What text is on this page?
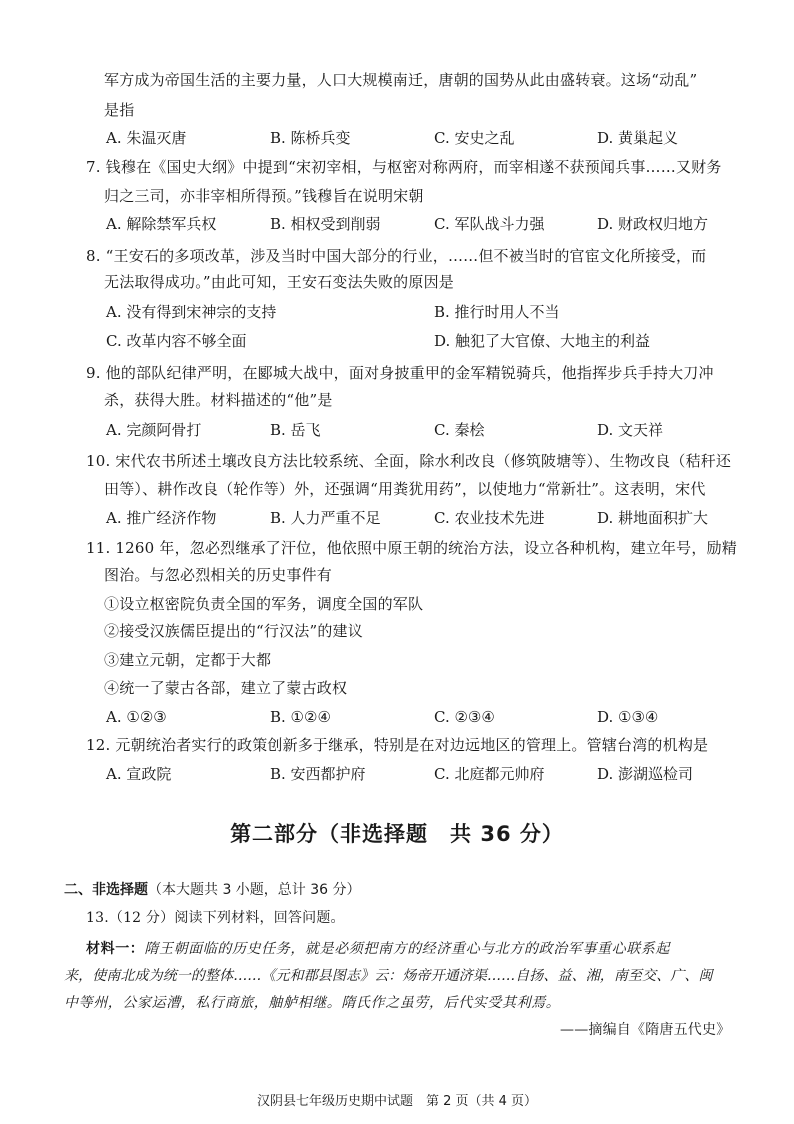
军方成为帝国生活的主要力量，人口大规模南迁，唐朝的国势从此由盛转衰。这场“动乱”
是指
A. 朱温灭唐	B. 陈桥兵变	C. 安史之乱	D. 黄巢起义
7. 钱穆在《国史大纲》中提到“宋初宰相，与枢密对称两府，而宰相遂不获预闻兵事……又财务
归之三司，亦非宰相所得预。”钱穆旨在说明宋朝
A. 解除禁军兵权	B. 相权受到削弱	C. 军队战斗力强	D. 财政权归地方
8. “王安石的多项改革，涉及当时中国大部分的行业，……但不被当时的官宦文化所接受，而
无法取得成功。”由此可知，王安石变法失败的原因是
A. 没有得到宋神宗的支持	B. 推行时用人不当
C. 改革内容不够全面	D. 触犯了大官僚、大地主的利益
9. 他的部队纪律严明，在郾城大战中，面对身披重甲的金军精锐骑兵，他指挥步兵手持大刀冲
杀，获得大胜。材料描述的“他”是
A. 完颜阿骨打	B. 岳飞	C. 秦桧	D. 文天祥
10. 宋代农书所述土壤改良方法比较系统、全面，除水利改良（修筑陂塘等）、生物改良（秸秆还
田等）、耕作改良（轮作等）外，还强调“用粪犹用药”，以使地力“常新壮”。这表明，宋代
A. 推广经济作物	B. 人力严重不足	C. 农业技术先进	D. 耕地面积扩大
11. 1260 年，忽必烈继承了汗位，他依照中原王朝的统治方法，设立各种机构，建立年号，励精
图治。与忽必烈相关的历史事件有
①设立枢密院负责全国的军务，调度全国的军队
②接受汉族儒臣提出的“行汉法”的建议
③建立元朝，定都于大都
④统一了蒙古各部，建立了蒙古政权
A. ①②③	B. ①②④	C. ②③④	D. ①③④
12. 元朝统治者实行的政策创新多于继承，特别是在对边远地区的管理上。管辖台湾的机构是
A. 宣政院	B. 安西都护府	C. 北庭都元帅府	D. 澎湖巡检司
第二部分（非选择题　共 36 分）
二、非选择题（本大题共 3 小题，总计 36 分）
13.（12 分）阅读下列材料，回答问题。
材料一：隋王朝面临的历史任务，就是必须把南方的经济重心与北方的政治军事重心联系起
来，使南北成为统一的整体……《元和郡县图志》云：炀帝开通济渠……自扬、益、湘，南至交、广、闽
中等州，公家运漕，私行商旅，舳舻相继。隋氏作之虽劳，后代实受其利焉。
——摘编自《隋唐五代史》
汉阴县七年级历史期中试题　第 2 页（共 4 页）
